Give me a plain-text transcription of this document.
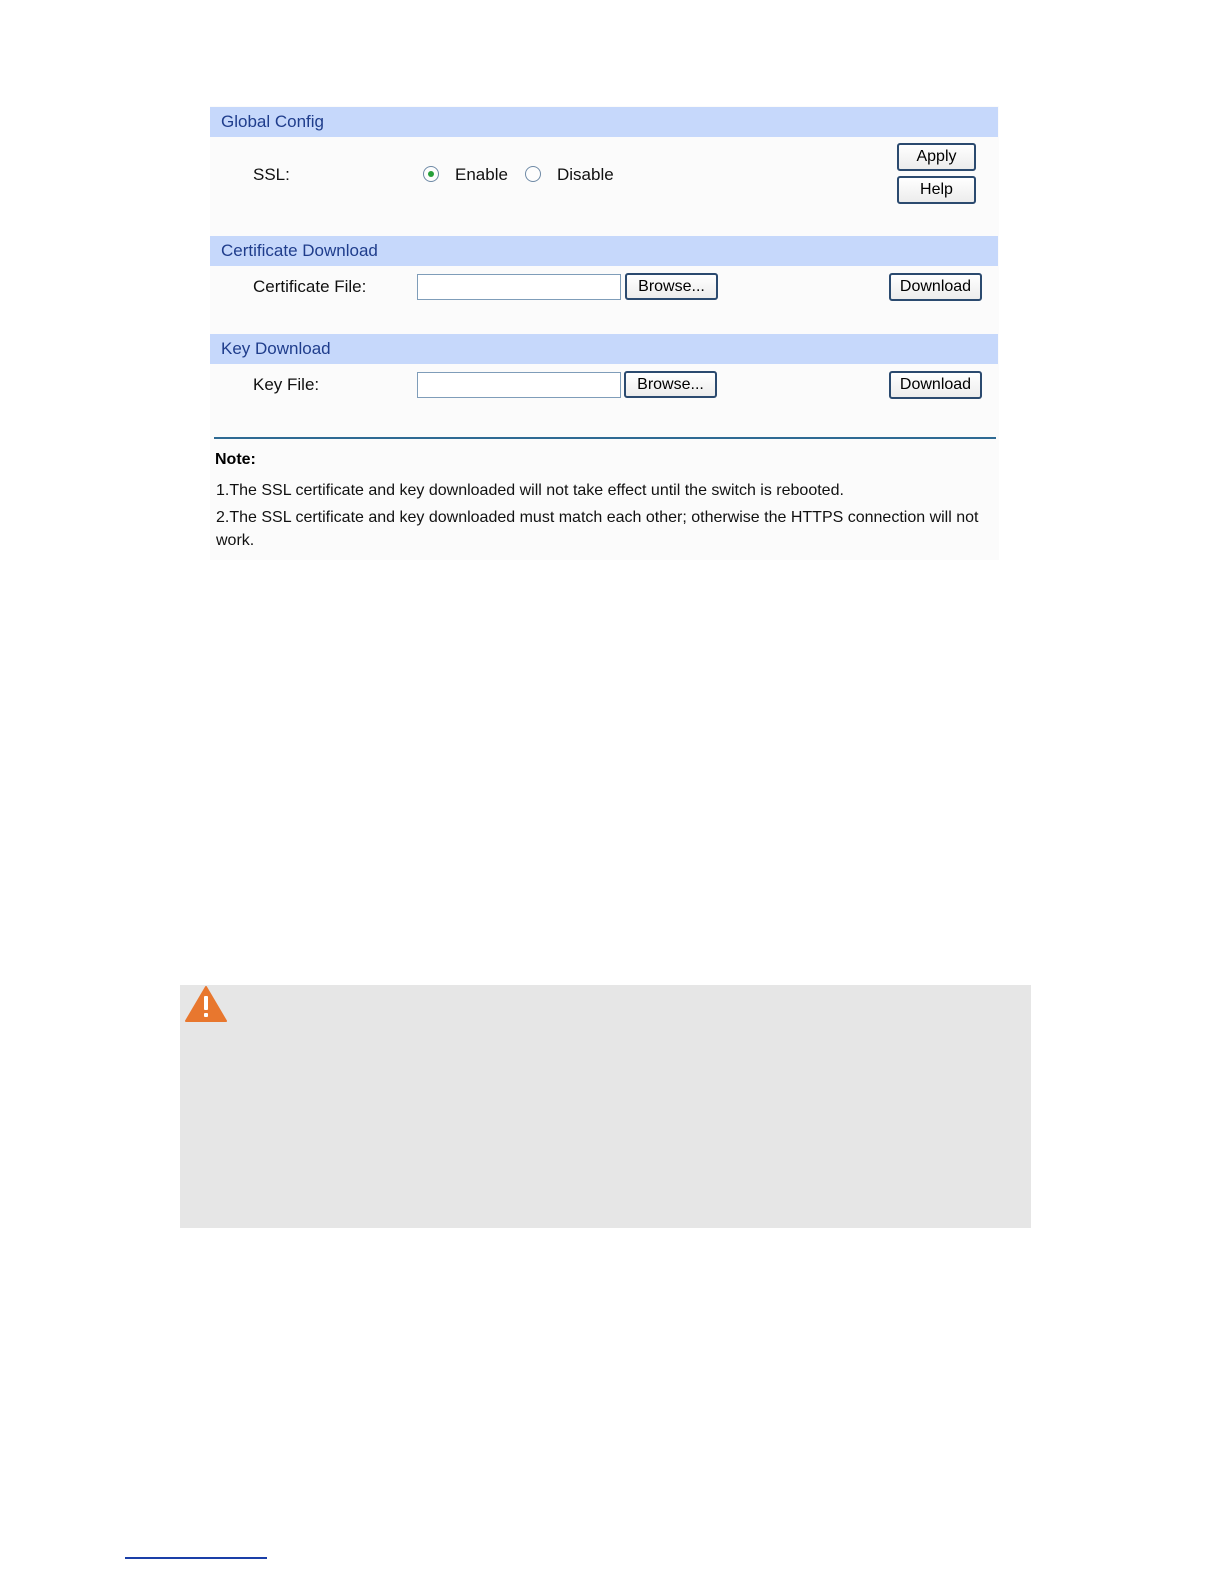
Global Config
SSL:	Enable	Disable
Apply
Help
Certificate Download
Certificate File:	Browse...	Download
Key Download
Key File:	Browse...	Download
Note:
1.The SSL certificate and key downloaded will not take effect until the switch is rebooted.
2.The SSL certificate and key downloaded must match each other; otherwise the HTTPS connection will not work.
